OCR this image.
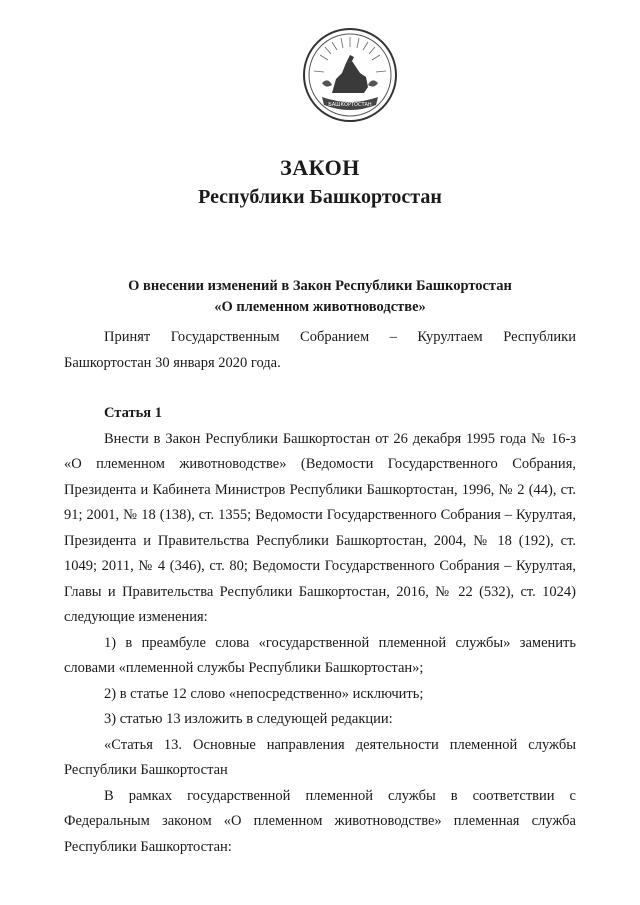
БАШКОРТОСТАН
ЗАКОН
Республики Башкортостан
О внесении изменений в Закон Республики Башкортостан
«О племенном животноводстве»

Принят Государственным Собранием – Курултаем Республики Башкортостан 30 января 2020 года.

Статья 1

Внести в Закон Республики Башкортостан от 26 декабря 1995 года № 16-з «О племенном животноводстве» (Ведомости Государственного Собрания, Президента и Кабинета Министров Республики Башкортостан, 1996, № 2 (44), ст. 91; 2001, № 18 (138), ст. 1355; Ведомости Государственного Собрания – Курултая, Президента и Правительства Республики Башкортостан, 2004, № 18 (192), ст. 1049; 2011, № 4 (346), ст. 80; Ведомости Государственного Собрания – Курултая, Главы и Правительства Республики Башкортостан, 2016, № 22 (532), ст. 1024) следующие изменения:

1) в преамбуле слова «государственной племенной службы» заменить словами «племенной службы Республики Башкортостан»;

2) в статье 12 слово «непосредственно» исключить;

3) статью 13 изложить в следующей редакции:

«Статья 13. Основные направления деятельности племенной службы Республики Башкортостан

В рамках государственной племенной службы в соответствии с Федеральным законом «О племенном животноводстве» племенная служба Республики Башкортостан:
